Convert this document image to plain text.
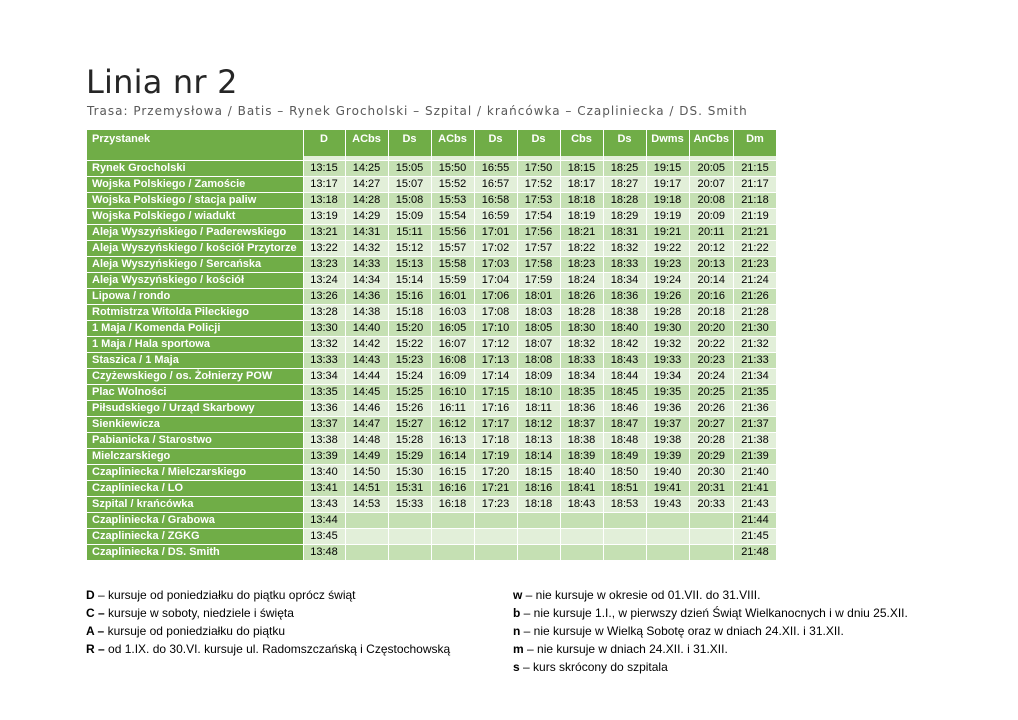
Linia nr 2
Trasa: Przemysłowa / Batis – Rynek Grocholski – Szpital / krańcówka – Czapliniecka / DS. Smith
Przystanek	D	ACbs	Ds	ACbs	Ds	Ds	Cbs	Ds	Dwms	AnCbs	Dm

Rynek Grocholski	13:15	14:25	15:05	15:50	16:55	17:50	18:15	18:25	19:15	20:05	21:15
Wojska Polskiego / Zamoście	13:17	14:27	15:07	15:52	16:57	17:52	18:17	18:27	19:17	20:07	21:17
Wojska Polskiego / stacja paliw	13:18	14:28	15:08	15:53	16:58	17:53	18:18	18:28	19:18	20:08	21:18
Wojska Polskiego / wiadukt	13:19	14:29	15:09	15:54	16:59	17:54	18:19	18:29	19:19	20:09	21:19
Aleja Wyszyńskiego / Paderewskiego	13:21	14:31	15:11	15:56	17:01	17:56	18:21	18:31	19:21	20:11	21:21
Aleja Wyszyńskiego / kościół Przytorze	13:22	14:32	15:12	15:57	17:02	17:57	18:22	18:32	19:22	20:12	21:22
Aleja Wyszyńskiego / Sercańska	13:23	14:33	15:13	15:58	17:03	17:58	18:23	18:33	19:23	20:13	21:23
Aleja Wyszyńskiego / kościół	13:24	14:34	15:14	15:59	17:04	17:59	18:24	18:34	19:24	20:14	21:24
Lipowa / rondo	13:26	14:36	15:16	16:01	17:06	18:01	18:26	18:36	19:26	20:16	21:26
Rotmistrza Witolda Pileckiego	13:28	14:38	15:18	16:03	17:08	18:03	18:28	18:38	19:28	20:18	21:28
1 Maja / Komenda Policji	13:30	14:40	15:20	16:05	17:10	18:05	18:30	18:40	19:30	20:20	21:30
1 Maja / Hala sportowa	13:32	14:42	15:22	16:07	17:12	18:07	18:32	18:42	19:32	20:22	21:32
Staszica / 1 Maja	13:33	14:43	15:23	16:08	17:13	18:08	18:33	18:43	19:33	20:23	21:33
Czyżewskiego / os. Żołnierzy POW	13:34	14:44	15:24	16:09	17:14	18:09	18:34	18:44	19:34	20:24	21:34
Plac Wolności	13:35	14:45	15:25	16:10	17:15	18:10	18:35	18:45	19:35	20:25	21:35
Piłsudskiego / Urząd Skarbowy	13:36	14:46	15:26	16:11	17:16	18:11	18:36	18:46	19:36	20:26	21:36
Sienkiewicza	13:37	14:47	15:27	16:12	17:17	18:12	18:37	18:47	19:37	20:27	21:37
Pabianicka / Starostwo	13:38	14:48	15:28	16:13	17:18	18:13	18:38	18:48	19:38	20:28	21:38
Mielczarskiego	13:39	14:49	15:29	16:14	17:19	18:14	18:39	18:49	19:39	20:29	21:39
Czapliniecka / Mielczarskiego	13:40	14:50	15:30	16:15	17:20	18:15	18:40	18:50	19:40	20:30	21:40
Czapliniecka / LO	13:41	14:51	15:31	16:16	17:21	18:16	18:41	18:51	19:41	20:31	21:41
Szpital / krańcówka	13:43	14:53	15:33	16:18	17:23	18:18	18:43	18:53	19:43	20:33	21:43
Czapliniecka / Grabowa	13:44										21:44
Czapliniecka / ZGKG	13:45										21:45
Czapliniecka / DS. Smith	13:48										21:48
D – kursuje od poniedziałku do piątku oprócz świąt
C – kursuje w soboty, niedziele i święta
A – kursuje od poniedziałku do piątku
R – od 1.IX. do 30.VI. kursuje ul. Radomszczańską i Częstochowską
w – nie kursuje w okresie od 01.VII. do 31.VIII.
b – nie kursuje 1.I., w pierwszy dzień Świąt Wielkanocnych i w dniu 25.XII.
n – nie kursuje w Wielką Sobotę oraz w dniach 24.XII. i 31.XII.
m – nie kursuje w dniach 24.XII. i 31.XII.
s – kurs skrócony do szpitala
